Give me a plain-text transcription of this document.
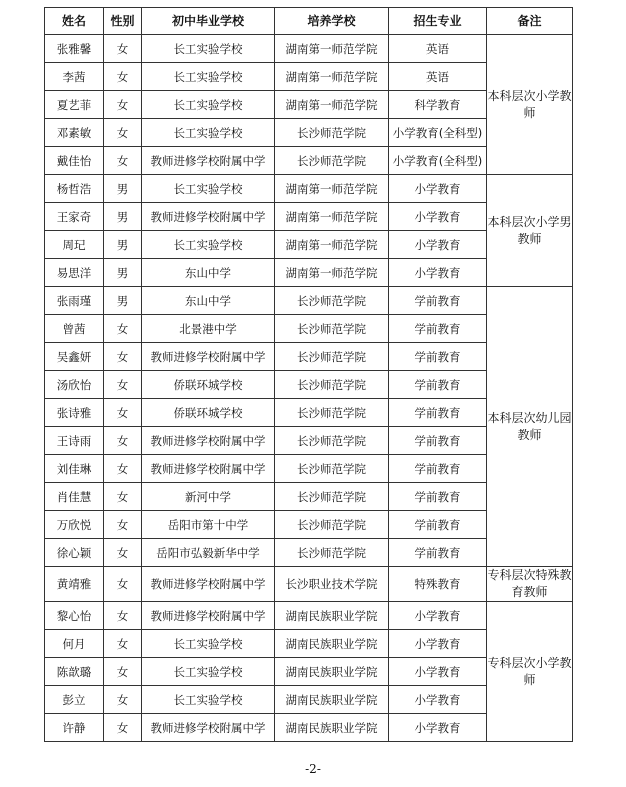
姓名	性别	初中毕业学校	培养学校	招生专业	备注
张雅馨	女	长工实验学校	湖南第一师范学院	英语	本科层次小学教师
李茜	女	长工实验学校	湖南第一师范学院	英语	
夏艺菲	女	长工实验学校	湖南第一师范学院	科学教育	
邓素敏	女	长工实验学校	长沙师范学院	小学教育(全科型)	
戴佳怡	女	教师进修学校附属中学	长沙师范学院	小学教育(全科型)	
杨哲浩	男	长工实验学校	湖南第一师范学院	小学教育	本科层次小学男教师
王家奇	男	教师进修学校附属中学	湖南第一师范学院	小学教育	
周玘	男	长工实验学校	湖南第一师范学院	小学教育	
易思洋	男	东山中学	湖南第一师范学院	小学教育	
张雨瑾	男	东山中学	长沙师范学院	学前教育	本科层次幼儿园教师
曾茜	女	北景港中学	长沙师范学院	学前教育	
吴鑫妍	女	教师进修学校附属中学	长沙师范学院	学前教育	
汤欣怡	女	侨联环城学校	长沙师范学院	学前教育	
张诗雅	女	侨联环城学校	长沙师范学院	学前教育	
王诗雨	女	教师进修学校附属中学	长沙师范学院	学前教育	
刘佳琳	女	教师进修学校附属中学	长沙师范学院	学前教育	
肖佳慧	女	新河中学	长沙师范学院	学前教育	
万欣悦	女	岳阳市第十中学	长沙师范学院	学前教育	
徐心颖	女	岳阳市弘毅新华中学	长沙师范学院	学前教育	
黄靖雅	女	教师进修学校附属中学	长沙职业技术学院	特殊教育	专科层次特殊教育教师
黎心怡	女	教师进修学校附属中学	湖南民族职业学院	小学教育	专科层次小学教师
何月	女	长工实验学校	湖南民族职业学院	小学教育	
陈歆璐	女	长工实验学校	湖南民族职业学院	小学教育	
彭立	女	长工实验学校	湖南民族职业学院	小学教育	
许静	女	教师进修学校附属中学	湖南民族职业学院	小学教育	
-2-
